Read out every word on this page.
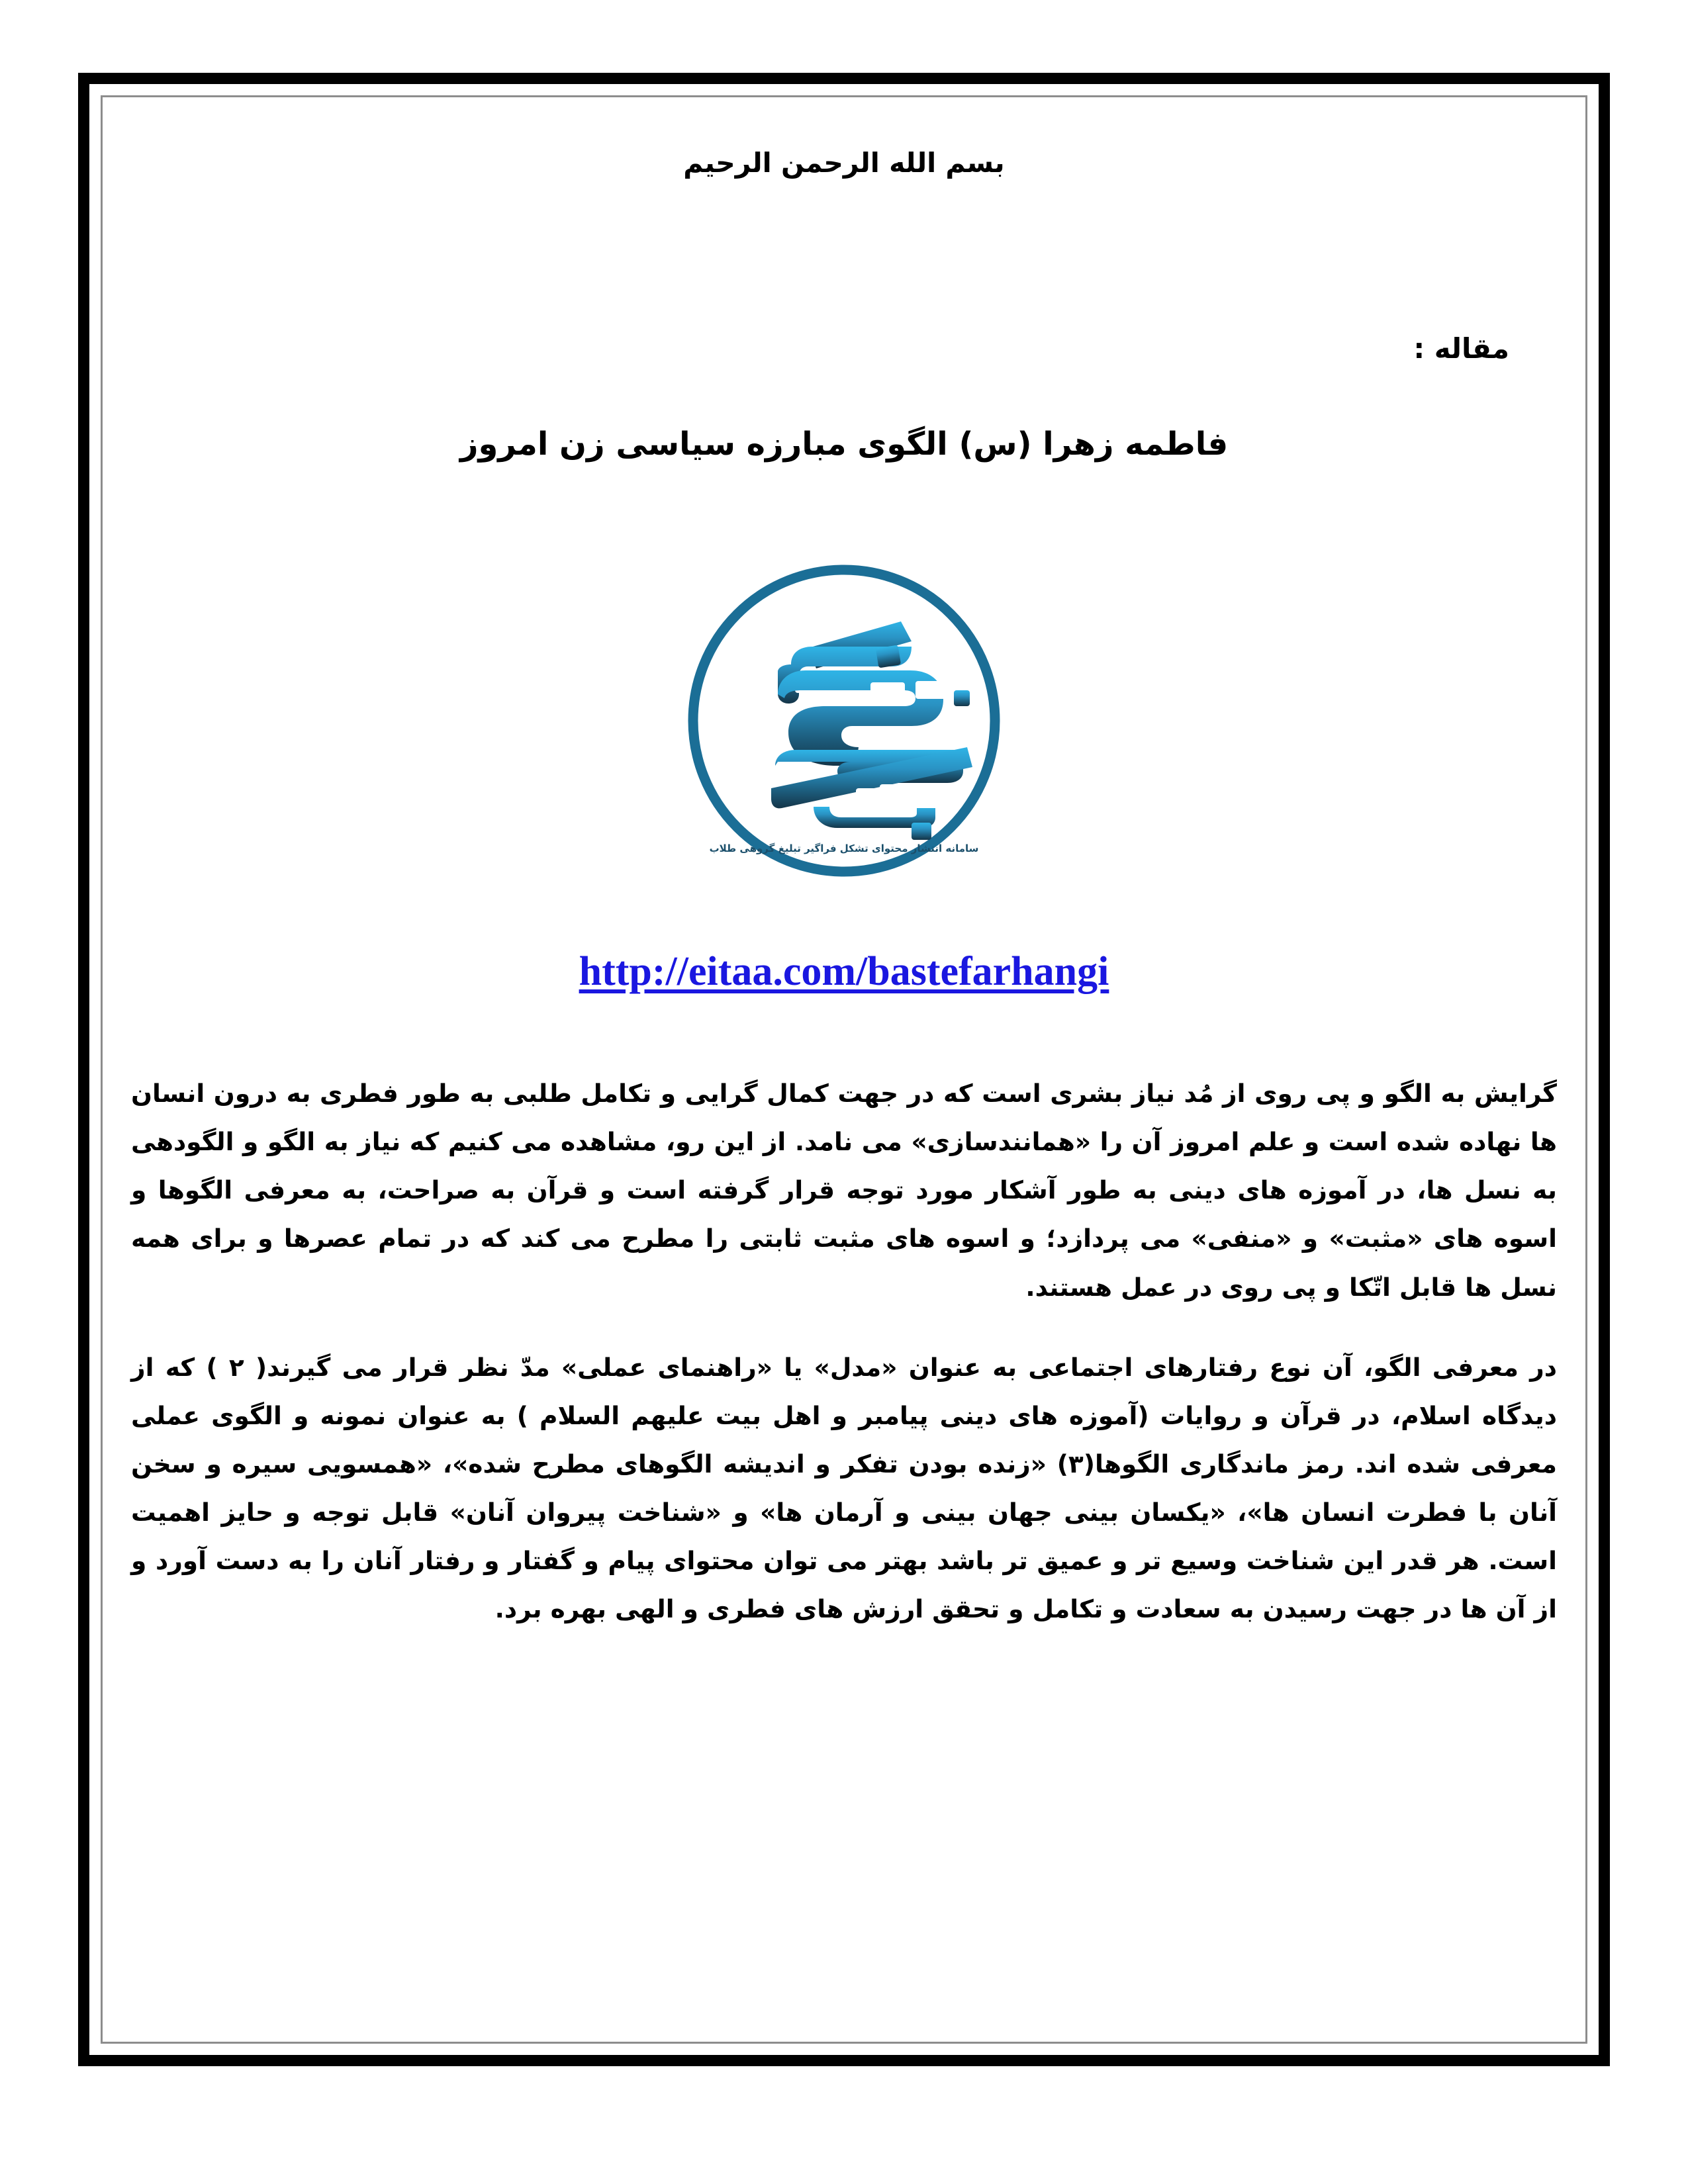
بسم الله الرحمن الرحیم
مقاله :
فاطمه زهرا (س) الگوی مبارزه سیاسی زن امروز
سامانه انتشار محتوای تشکل فراگیر تبلیغ گروهی طلاب
http://eitaa.com/bastefarhangi

گرایش به الگو و پی روی از مُد نیاز بشری است که در جهت کمال گرایی و تکامل طلبی به طور فطری به درون انسان ها نهاده شده است و علم امروز آن را «همانندسازی» می نامد. از این رو، مشاهده می کنیم که نیاز به الگو و الگودهی به نسل ها، در آموزه های دینی به طور آشکار مورد توجه قرار گرفته است و قرآن به صراحت، به معرفی الگوها و اسوه های «مثبت» و «منفی» می پردازد؛ و اسوه های مثبت ثابتی را مطرح می کند که در تمام عصرها و برای همه نسل ها قابل اتّکا و پی روی در عمل هستند.

در معرفی الگو، آن نوع رفتارهای اجتماعی به عنوان «مدل» یا «راهنمای عملی» مدّ نظر قرار می گیرند( ۲ ) که از دیدگاه اسلام، در قرآن و روایات (آموزه های دینی پیامبر و اهل بیت علیهم السلام ) به عنوان نمونه و الگوی عملی معرفی شده اند. رمز ماندگاری الگوها(۳) «زنده بودن تفکر و اندیشه الگوهای مطرح شده»، «همسویی سیره و سخن آنان با فطرت انسان ها»، «یکسان بینی جهان بینی و آرمان ها» و «شناخت پیروان آنان» قابل توجه و حایز اهمیت است. هر قدر این شناخت وسیع تر و عمیق تر باشد بهتر می توان محتوای پیام و گفتار و رفتار آنان را به دست آورد و از آن ها در جهت رسیدن به سعادت و تکامل و تحقق ارزش های فطری و الهی بهره برد.
